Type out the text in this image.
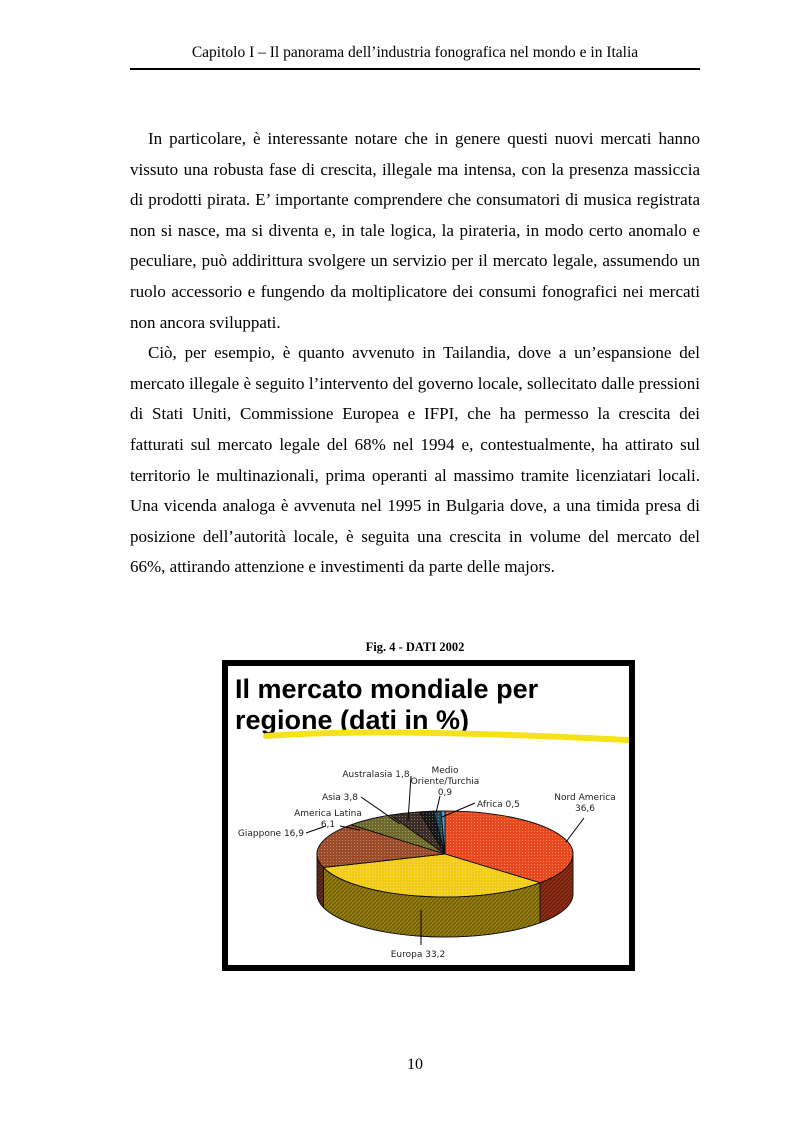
Capitolo I – Il panorama dell’industria fonografica nel mondo e in Italia

In particolare, è interessante notare che in genere questi nuovi mercati hanno vissuto una robusta fase di crescita, illegale ma intensa, con la presenza massiccia di prodotti pirata. E’ importante comprendere che consumatori di musica registrata non si nasce, ma si diventa e, in tale logica, la pirateria, in modo certo anomalo e peculiare, può addirittura svolgere un servizio per il mercato legale, assumendo un ruolo accessorio e fungendo da moltiplicatore dei consumi fonografici nei mercati non ancora sviluppati.

Ciò, per esempio, è quanto avvenuto in Tailandia, dove a un’espansione del mercato illegale è seguito l’intervento del governo locale, sollecitato dalle pressioni di Stati Uniti, Commissione Europea e IFPI, che ha permesso la crescita dei fatturati sul mercato legale del 68% nel 1994 e, contestualmente, ha attirato sul territorio le multinazionali, prima operanti al massimo tramite licenziatari locali. Una vicenda analoga è avvenuta nel 1995 in Bulgaria dove, a una timida presa di posizione dell’autorità locale, è seguita una crescita in volume del mercato del 66%, attirando attenzione e investimenti da parte delle majors.

Fig. 4 - DATI 2002
Il mercato mondiale per
regione (dati in %)
Nord America 36,6
Europa 33,2
Giappone 16,9
America Latina 6,1
Asia 3,8
Australasia 1,8	Medio Oriente/Turchia 0,9
Africa 0,5
10
